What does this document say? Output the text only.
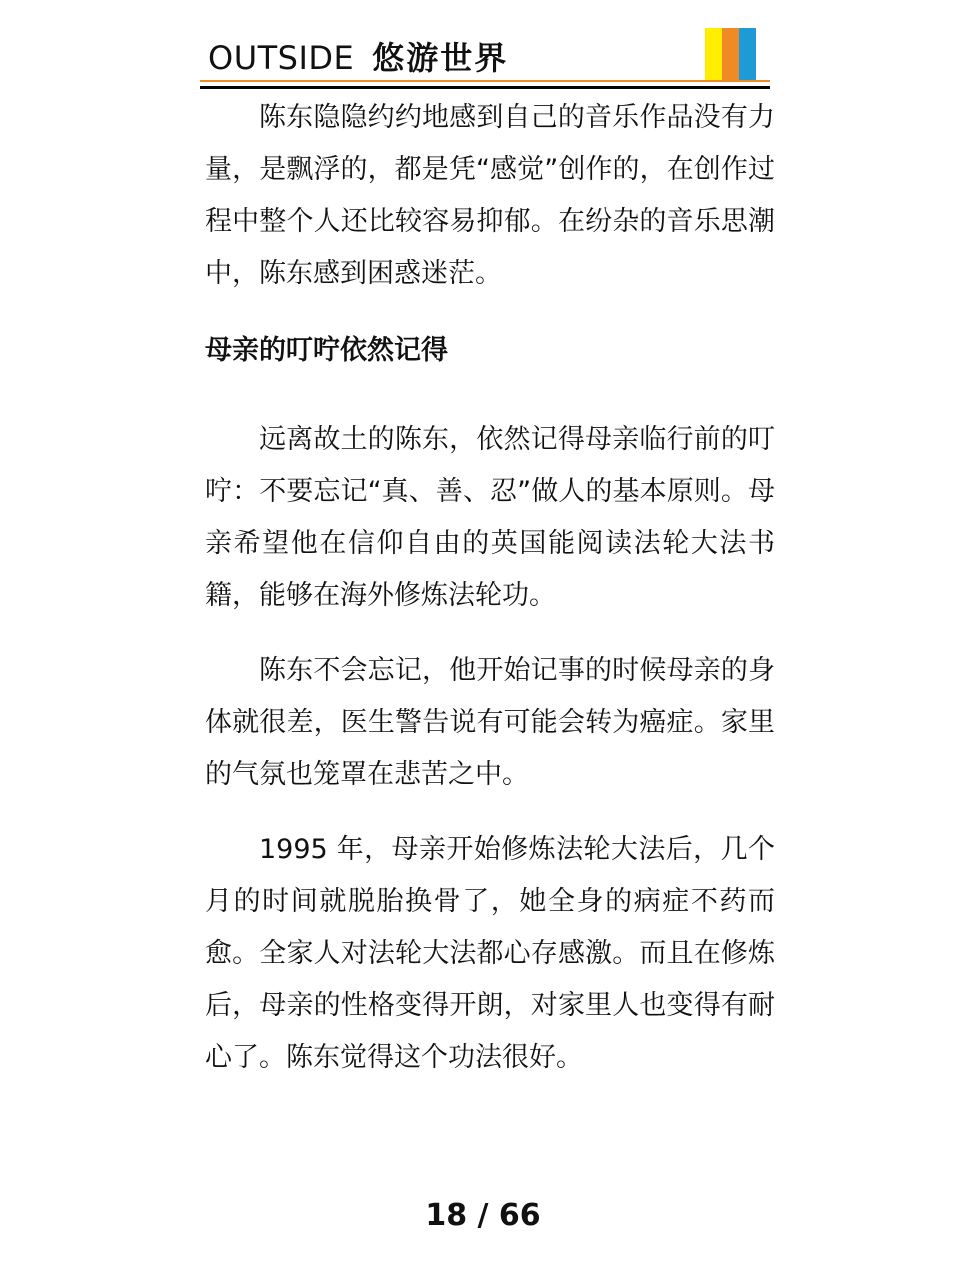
OUTSIDE 悠游世界

陈东隐隐约约地感到自己的音乐作品没有力量，是飘浮的，都是凭“感觉”创作的，在创作过程中整个人还比较容易抑郁。在纷杂的音乐思潮中，陈东感到困惑迷茫。

母亲的叮咛依然记得

远离故土的陈东，依然记得母亲临行前的叮咛：不要忘记“真、善、忍”做人的基本原则。母亲希望他在信仰自由的英国能阅读法轮大法书籍，能够在海外修炼法轮功。

陈东不会忘记，他开始记事的时候母亲的身体就很差，医生警告说有可能会转为癌症。家里的气氛也笼罩在悲苦之中。

1995 年，母亲开始修炼法轮大法后，几个月的时间就脱胎换骨了，她全身的病症不药而愈。全家人对法轮大法都心存感激。而且在修炼后，母亲的性格变得开朗，对家里人也变得有耐心了。陈东觉得这个功法很好。

18 / 66
